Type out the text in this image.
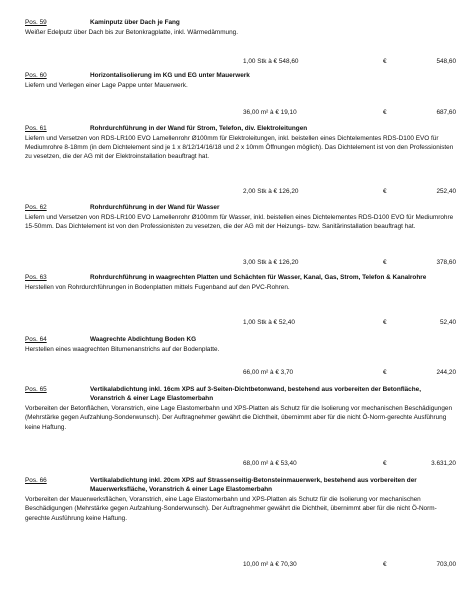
Pos. 59	Kaminputz über Dach je Fang
Weißer Edelputz über Dach bis zur Betonkragplatte, inkl. Wärmedämmung.
1,00 Stk à € 548,60	€	548,60
Pos. 60	Horizontalisolierung im KG und EG unter Mauerwerk
Liefern und Verlegen einer Lage Pappe unter Mauerwerk.
36,00 m² à € 19,10	€	687,60
Pos. 61	Rohrdurchführung in der Wand für Strom, Telefon, div. Elektroleitungen
Liefern und Versetzen von RDS-LR100 EVO Lamellenrohr Ø100mm für Elektroleitungen, inkl. beistellen eines Dichtelementes RDS-D100 EVO für Mediumrohre 8-18mm (in dem Dichtelement sind je 1 x 8/12/14/16/18 und 2 x 10mm Öffnungen möglich). Das Dichtelement ist von den Professionisten zu vesetzen, die der AG mit der Elektroinstallation beauftragt hat.
2,00 Stk à € 126,20	€	252,40
Pos. 62	Rohrdurchführung in der Wand für Wasser
Liefern und Versetzen von RDS-LR100 EVO Lamellenrohr Ø100mm für Wasser, inkl. beistellen eines Dichtelementes RDS-D100 EVO für Mediumrohre 15-50mm. Das Dichtelement ist von den Professionisten zu vesetzen, die der AG mit der Heizungs- bzw. Sanitärinstallation beauftragt hat.
3,00 Stk à € 126,20	€	378,60
Pos. 63	Rohrdurchführung in waagrechten Platten und Schächten für Wasser, Kanal, Gas, Strom, Telefon & Kanalrohre
Herstellen von Rohrdurchführungen in Bodenplatten mittels Fugenband auf den PVC-Rohren.
1,00 Stk à € 52,40	€	52,40
Pos. 64	Waagrechte Abdichtung Boden KG
Herstellen eines waagrechten Bitumenanstrichs auf der Bodenplatte.
66,00 m² à € 3,70	€	244,20
Pos. 65	Vertikalabdichtung inkl. 16cm XPS auf 3-Seiten-Dichtbetonwand, bestehend aus vorbereiten der Betonfläche, Voranstrich & einer Lage Elastomerbahn
Vorbereiten der Betonflächen, Voranstrich, eine Lage Elastomerbahn und XPS-Platten als Schutz für die Isolierung vor mechanischen Beschädigungen (Mehrstärke gegen Aufzahlung-Sonderwunsch). Der Auftragnehmer gewährt die Dichtheit, übernimmt aber für die nicht Ö-Norm-gerechte Ausführung keine Haftung.
68,00 m² à € 53,40	€	3.631,20
Pos. 66	Vertikalabdichtung inkl. 20cm XPS auf Strassenseitig-Betonsteinmauerwerk, bestehend aus vorbereiten der Mauerwerksfläche, Voranstrich & einer Lage Elastomerbahn
Vorbereiten der Mauerwerksflächen, Voranstrich, eine Lage Elastomerbahn und XPS-Platten als Schutz für die Isolierung vor mechanischen Beschädigungen (Mehrstärke gegen Aufzahlung-Sonderwunsch). Der Auftragnehmer gewährt die Dichtheit, übernimmt aber für die nicht Ö-Norm-gerechte Ausführung keine Haftung.
10,00 m² à € 70,30	€	703,00
